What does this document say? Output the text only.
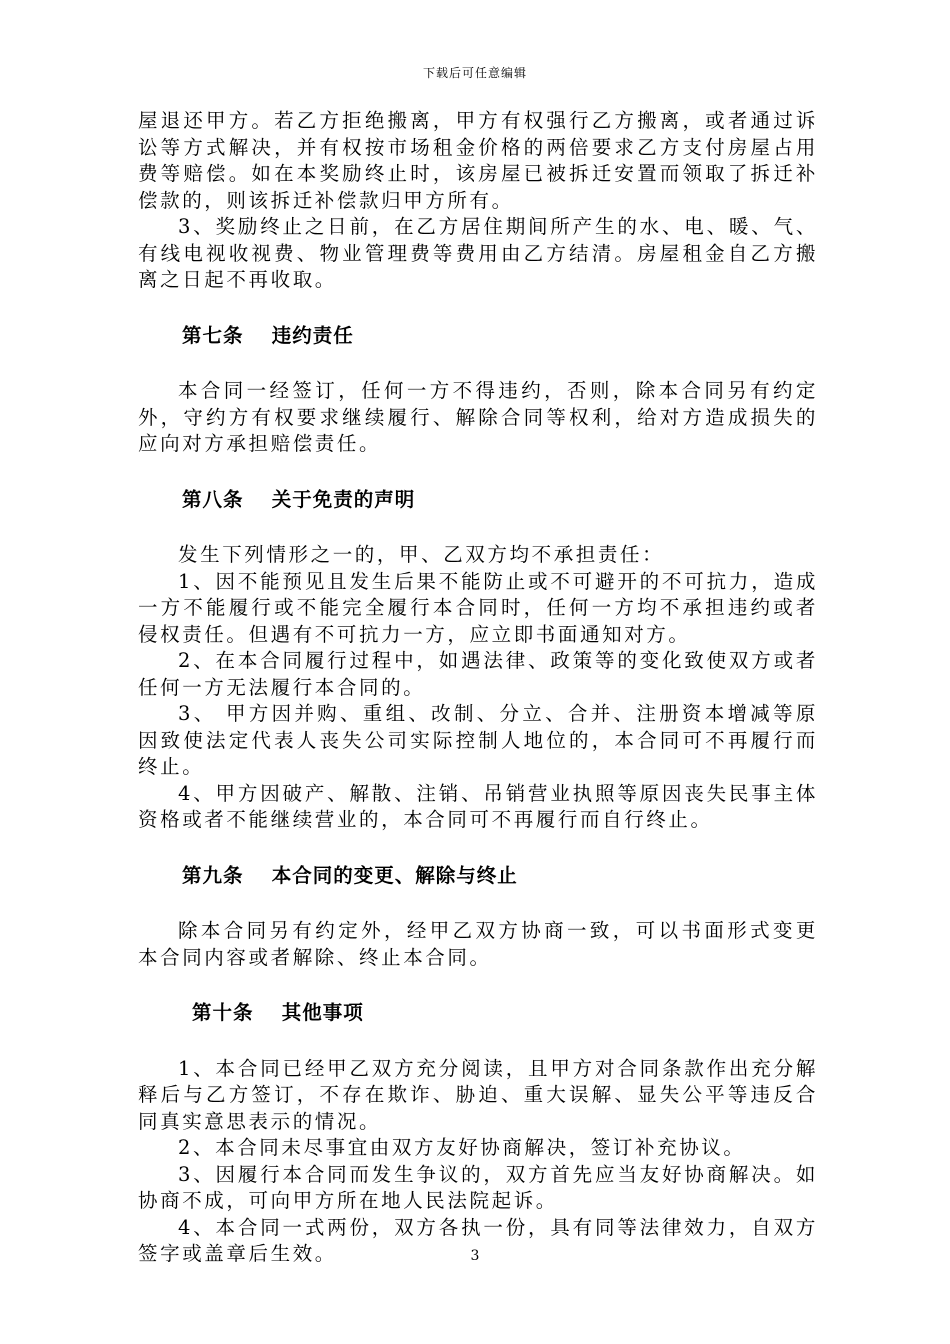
下载后可任意编辑

屋退还甲方。若乙方拒绝搬离，甲方有权强行乙方搬离，或者通过诉讼等方式解决，并有权按市场租金价格的两倍要求乙方支付房屋占用费等赔偿。如在本奖励终止时，该房屋已被拆迁安置而领取了拆迁补偿款的，则该拆迁补偿款归甲方所有。

3、奖励终止之日前，在乙方居住期间所产生的水、电、暖、气、有线电视收视费、物业管理费等费用由乙方结清。房屋租金自乙方搬离之日起不再收取。

第七条　 违约责任

本合同一经签订，任何一方不得违约，否则，除本合同另有约定外，守约方有权要求继续履行、解除合同等权利，给对方造成损失的应向对方承担赔偿责任。

第八条　 关于免责的声明

发生下列情形之一的，甲、乙双方均不承担责任：

1、因不能预见且发生后果不能防止或不可避开的不可抗力，造成一方不能履行或不能完全履行本合同时，任何一方均不承担违约或者侵权责任。但遇有不可抗力一方，应立即书面通知对方。

2、在本合同履行过程中，如遇法律、政策等的变化致使双方或者任何一方无法履行本合同的。

3、 甲方因并购、重组、改制、分立、合并、注册资本增减等原因致使法定代表人丧失公司实际控制人地位的，本合同可不再履行而终止。

4、甲方因破产、解散、注销、吊销营业执照等原因丧失民事主体资格或者不能继续营业的，本合同可不再履行而自行终止。

第九条　 本合同的变更、解除与终止

除本合同另有约定外，经甲乙双方协商一致，可以书面形式变更本合同内容或者解除、终止本合同。

第十条　 其他事项

1、本合同已经甲乙双方充分阅读，且甲方对合同条款作出充分解释后与乙方签订，不存在欺诈、胁迫、重大误解、显失公平等违反合同真实意思表示的情况。

2、本合同未尽事宜由双方友好协商解决，签订补充协议。

3、因履行本合同而发生争议的，双方首先应当友好协商解决。如协商不成，可向甲方所在地人民法院起诉。

4、本合同一式两份，双方各执一份，具有同等法律效力，自双方签字或盖章后生效。	3
